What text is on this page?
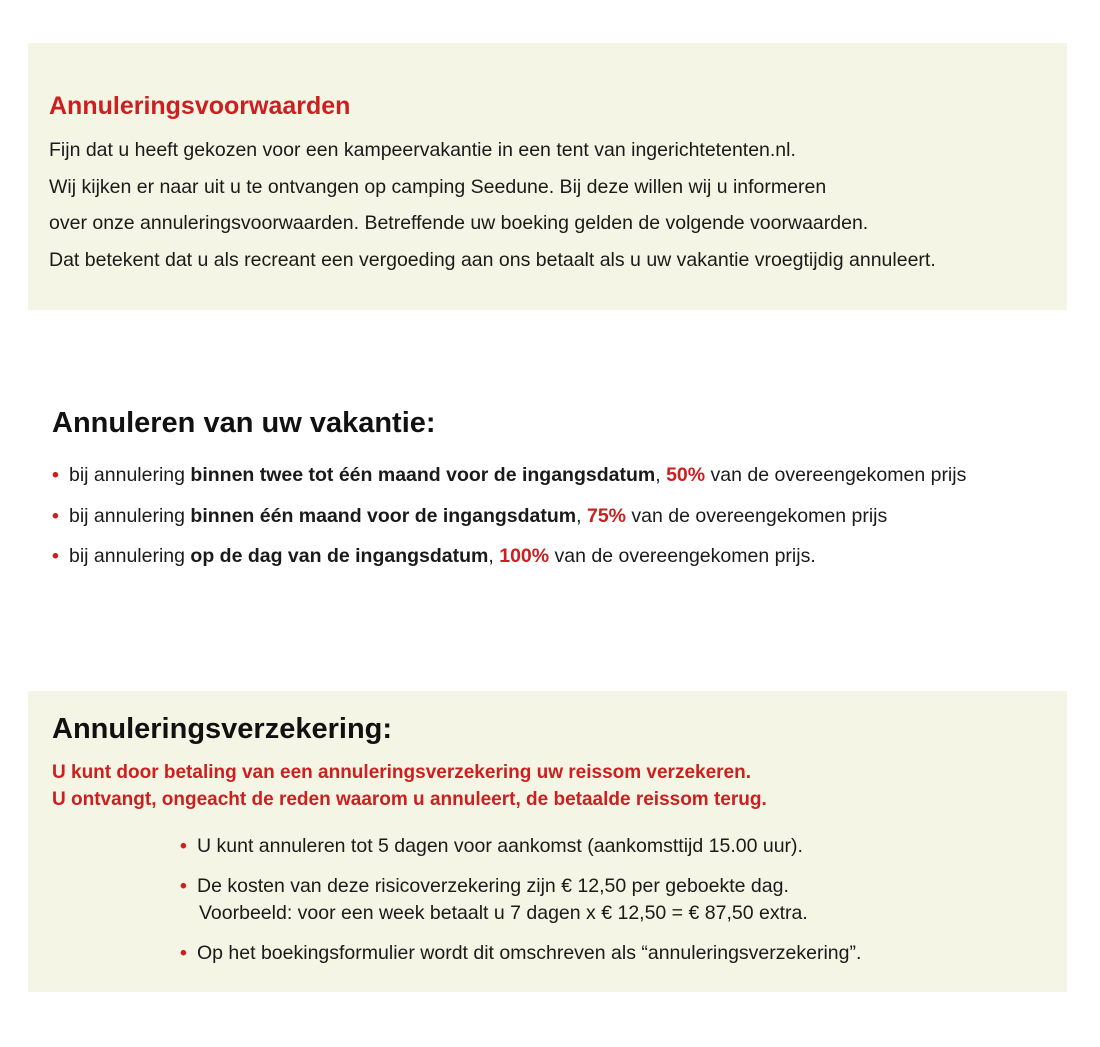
Annuleringsvoorwaarden
Fijn dat u heeft gekozen voor een kampeervakantie in een tent van ingerichtetenten.nl.
Wij kijken er naar uit u te ontvangen op camping Seedune. Bij deze willen wij u informeren
over onze annuleringsvoorwaarden. Betreffende uw boeking gelden de volgende voorwaarden.
Dat betekent dat u als recreant een vergoeding aan ons betaalt als u uw vakantie vroegtijdig annuleert.
Annuleren van uw vakantie:
• bij annulering binnen twee tot één maand voor de ingangsdatum, 50% van de overeengekomen prijs
• bij annulering binnen één maand voor de ingangsdatum, 75% van de overeengekomen prijs
• bij annulering op de dag van de ingangsdatum, 100% van de overeengekomen prijs.
Annuleringsverzekering:
U kunt door betaling van een annuleringsverzekering uw reissom verzekeren.
U ontvangt, ongeacht de reden waarom u annuleert, de betaalde reissom terug.
• U kunt annuleren tot 5 dagen voor aankomst (aankomsttijd 15.00 uur).
• De kosten van deze risicoverzekering zijn € 12,50 per geboekte dag.
Voorbeeld: voor een week betaalt u 7 dagen x € 12,50 = € 87,50 extra.
• Op het boekingsformulier wordt dit omschreven als “annuleringsverzekering”.
